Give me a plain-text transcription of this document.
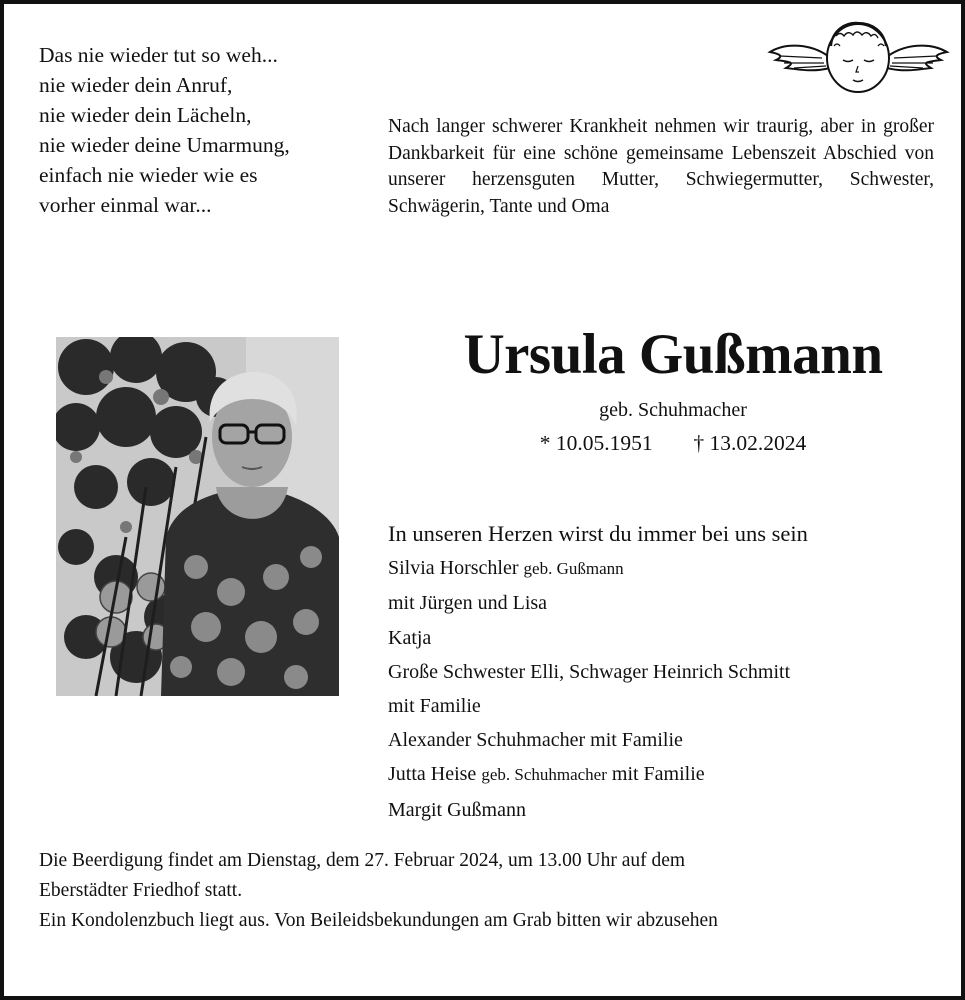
Das nie wieder tut so weh...
nie wieder dein Anruf,
nie wieder dein Lächeln,
nie wieder deine Umarmung,
einfach nie wieder wie es
vorher einmal war...
Nach langer schwerer Krankheit nehmen wir traurig, aber in großer Dankbarkeit für eine schöne gemeinsame Lebenszeit Abschied von unserer herzensguten Mutter, Schwiegermutter, Schwester, Schwägerin, Tante und Oma
Ursula Gußmann
geb. Schuhmacher
* 10.05.1951 † 13.02.2024
In unseren Herzen wirst du immer bei uns sein
Silvia Horschler geb. Gußmann
mit Jürgen und Lisa
Katja
Große Schwester Elli, Schwager Heinrich Schmitt
mit Familie
Alexander Schuhmacher mit Familie
Jutta Heise geb. Schuhmacher mit Familie
Margit Gußmann
Die Beerdigung findet am Dienstag, dem 27. Februar 2024, um 13.00 Uhr auf dem
Eberstädter Friedhof statt.
Ein Kondolenzbuch liegt aus. Von Beileidsbekundungen am Grab bitten wir abzusehen
